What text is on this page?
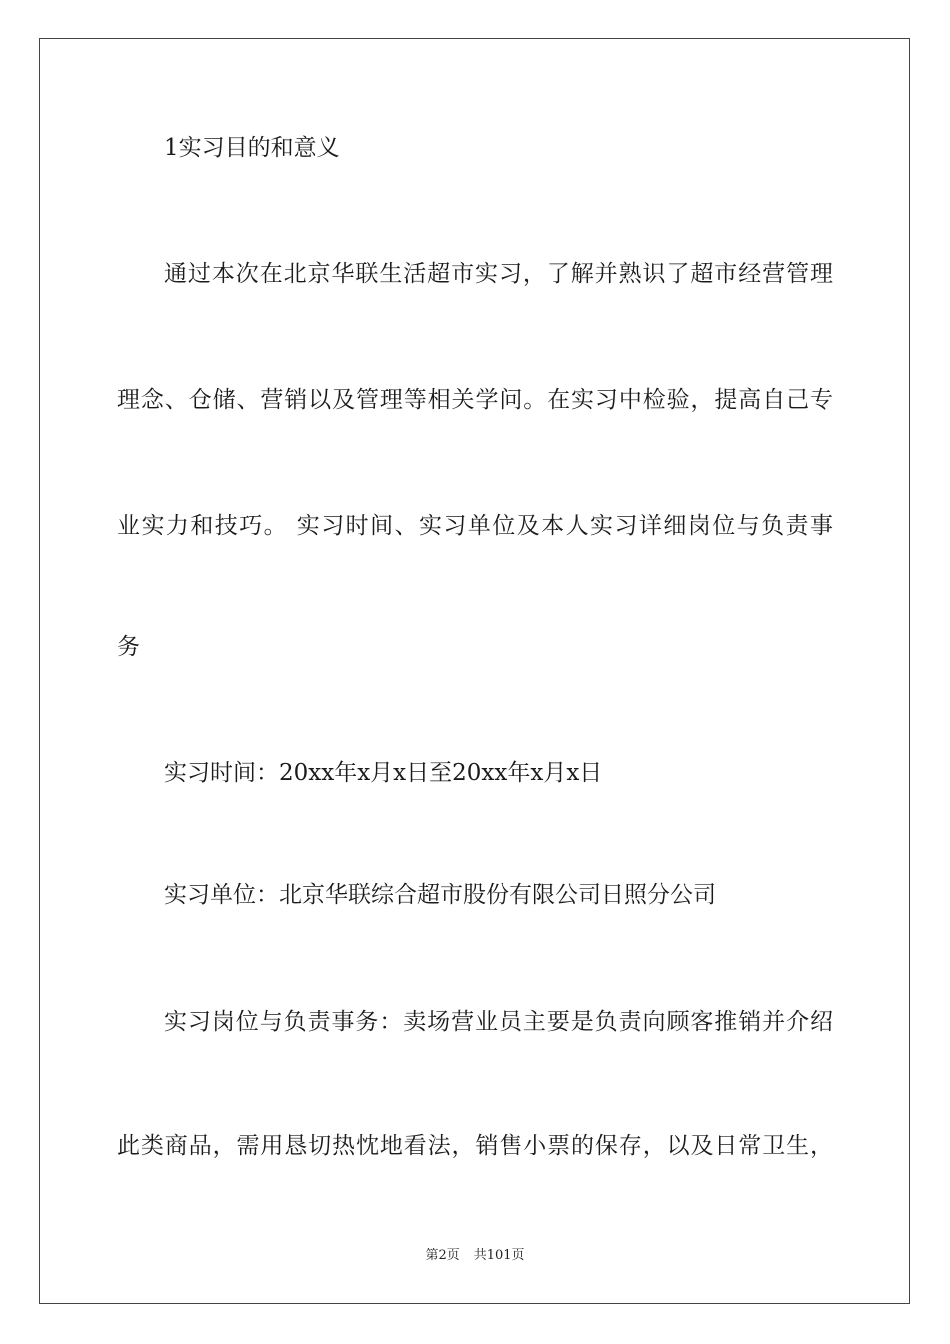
1实习目的和意义
通过本次在北京华联生活超市实习，了解并熟识了超市经营管理
理念、仓储、营销以及管理等相关学问。在实习中检验，提高自己专
业实力和技巧。 实习时间、实习单位及本人实习详细岗位与负责事
务
实习时间：20xx年x月x日至20xx年x月x日
实习单位：北京华联综合超市股份有限公司日照分公司
实习岗位与负责事务：卖场营业员主要是负责向顾客推销并介绍
此类商品，需用恳切热忱地看法，销售小票的保存，以及日常卫生，
第2页 共101页
